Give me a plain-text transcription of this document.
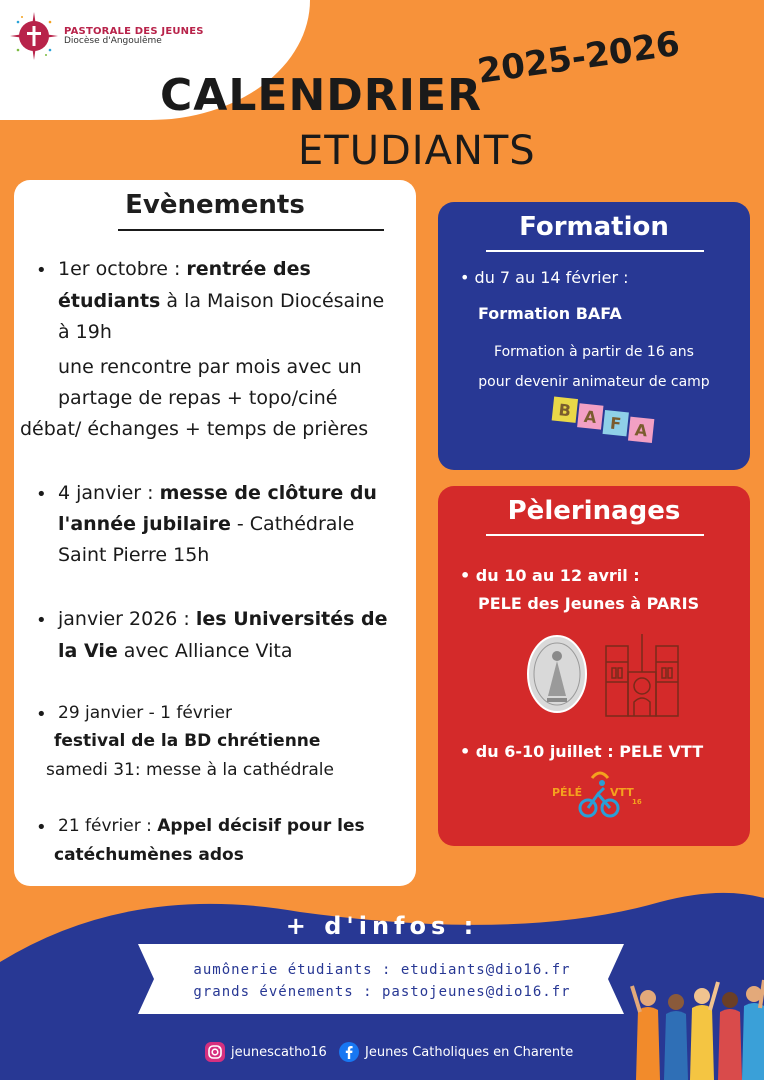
PASTORALE DES JEUNES
Diocèse d'Angoulême
CALENDRIER
2025-2026
ETUDIANTS
Evènements
• 1er octobre : rentrée des
étudiants à la Maison Diocésaine
à 19h
une rencontre par mois avec un
partage de repas + topo/ciné
débat/ échanges + temps de prières
• 4 janvier : messe de clôture du
l'année jubilaire - Cathédrale
Saint Pierre 15h
• janvier 2026 : les Universités de
la Vie avec Alliance Vita
• 29 janvier - 1 février
festival de la BD chrétienne
samedi 31: messe à la cathédrale
• 21 février : Appel décisif pour les
catéchumènes ados
Formation
• du 7 au 14 février :
Formation BAFA
Formation à partir de 16 ans
pour devenir animateur de camp
B A F A
Pèlerinages
• du 10 au 12 avril :
PELE des Jeunes à PARIS
• du 6-10 juillet : PELE VTT
PÉLÉ	VTT
16
+ d'infos :
aumônerie étudiants : etudiants@dio16.fr
grands événements : pastojeunes@dio16.fr
jeunescatho16	Jeunes Catholiques en Charente
